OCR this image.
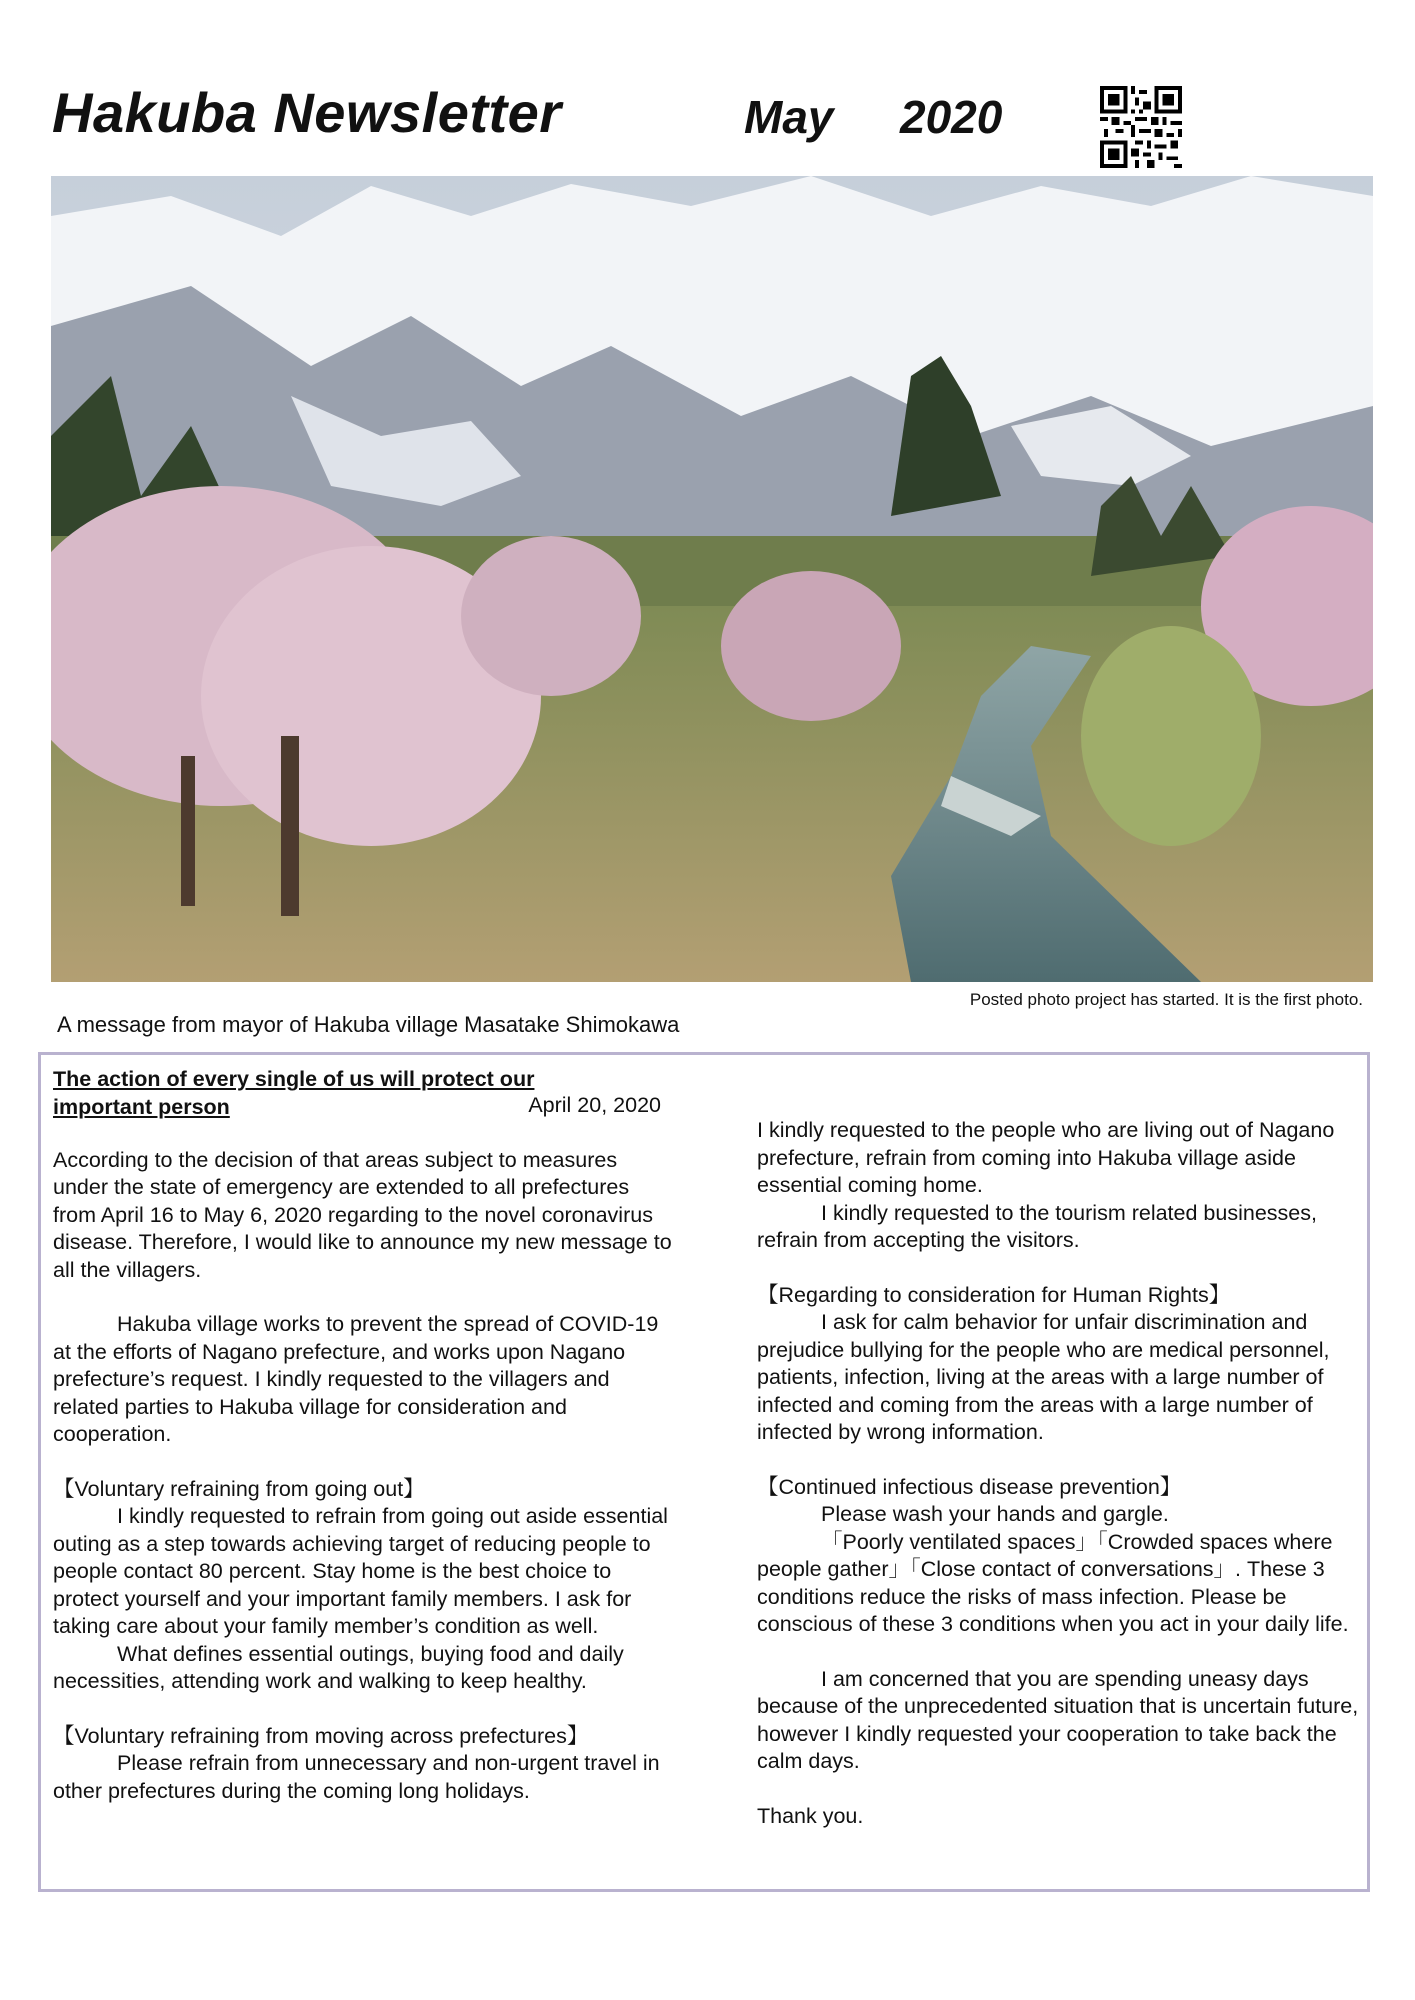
Hakuba Newsletter	May 2020
Posted photo project has started. It is the first photo.
A message from mayor of Hakuba village Masatake Shimokawa
The action of every single of us will protect our
important person	April 20, 2020

According to the decision of that areas subject to measures under the state of emergency are extended to all prefectures from April 16 to May 6, 2020 regarding to the novel coronavirus disease. Therefore, I would like to announce my new message to all the villagers.

Hakuba village works to prevent the spread of COVID-19 at the efforts of Nagano prefecture, and works upon Nagano prefecture’s request. I kindly requested to the villagers and related parties to Hakuba village for consideration and cooperation.

【Voluntary refraining from going out】

I kindly requested to refrain from going out aside essential outing as a step towards achieving target of reducing people to people contact 80 percent. Stay home is the best choice to protect yourself and your important family members. I ask for taking care about your family member’s condition as well.

What defines essential outings, buying food and daily necessities, attending work and walking to keep healthy.

【Voluntary refraining from moving across prefectures】

Please refrain from unnecessary and non-urgent travel in other prefectures during the coming long holidays.

I kindly requested to the people who are living out of Nagano prefecture, refrain from coming into Hakuba village aside essential coming home.

I kindly requested to the tourism related businesses, refrain from accepting the visitors.

【Regarding to consideration for Human Rights】

I ask for calm behavior for unfair discrimination and prejudice bullying for the people who are medical personnel, patients, infection, living at the areas with a large number of infected and coming from the areas with a large number of infected by wrong information.

【Continued infectious disease prevention】

Please wash your hands and gargle.

「Poorly ventilated spaces」「Crowded spaces where people gather」「Close contact of conversations」. These 3 conditions reduce the risks of mass infection. Please be conscious of these 3 conditions when you act in your daily life.

I am concerned that you are spending uneasy days because of the unprecedented situation that is uncertain future, however I kindly requested your cooperation to take back the calm days.

Thank you.
